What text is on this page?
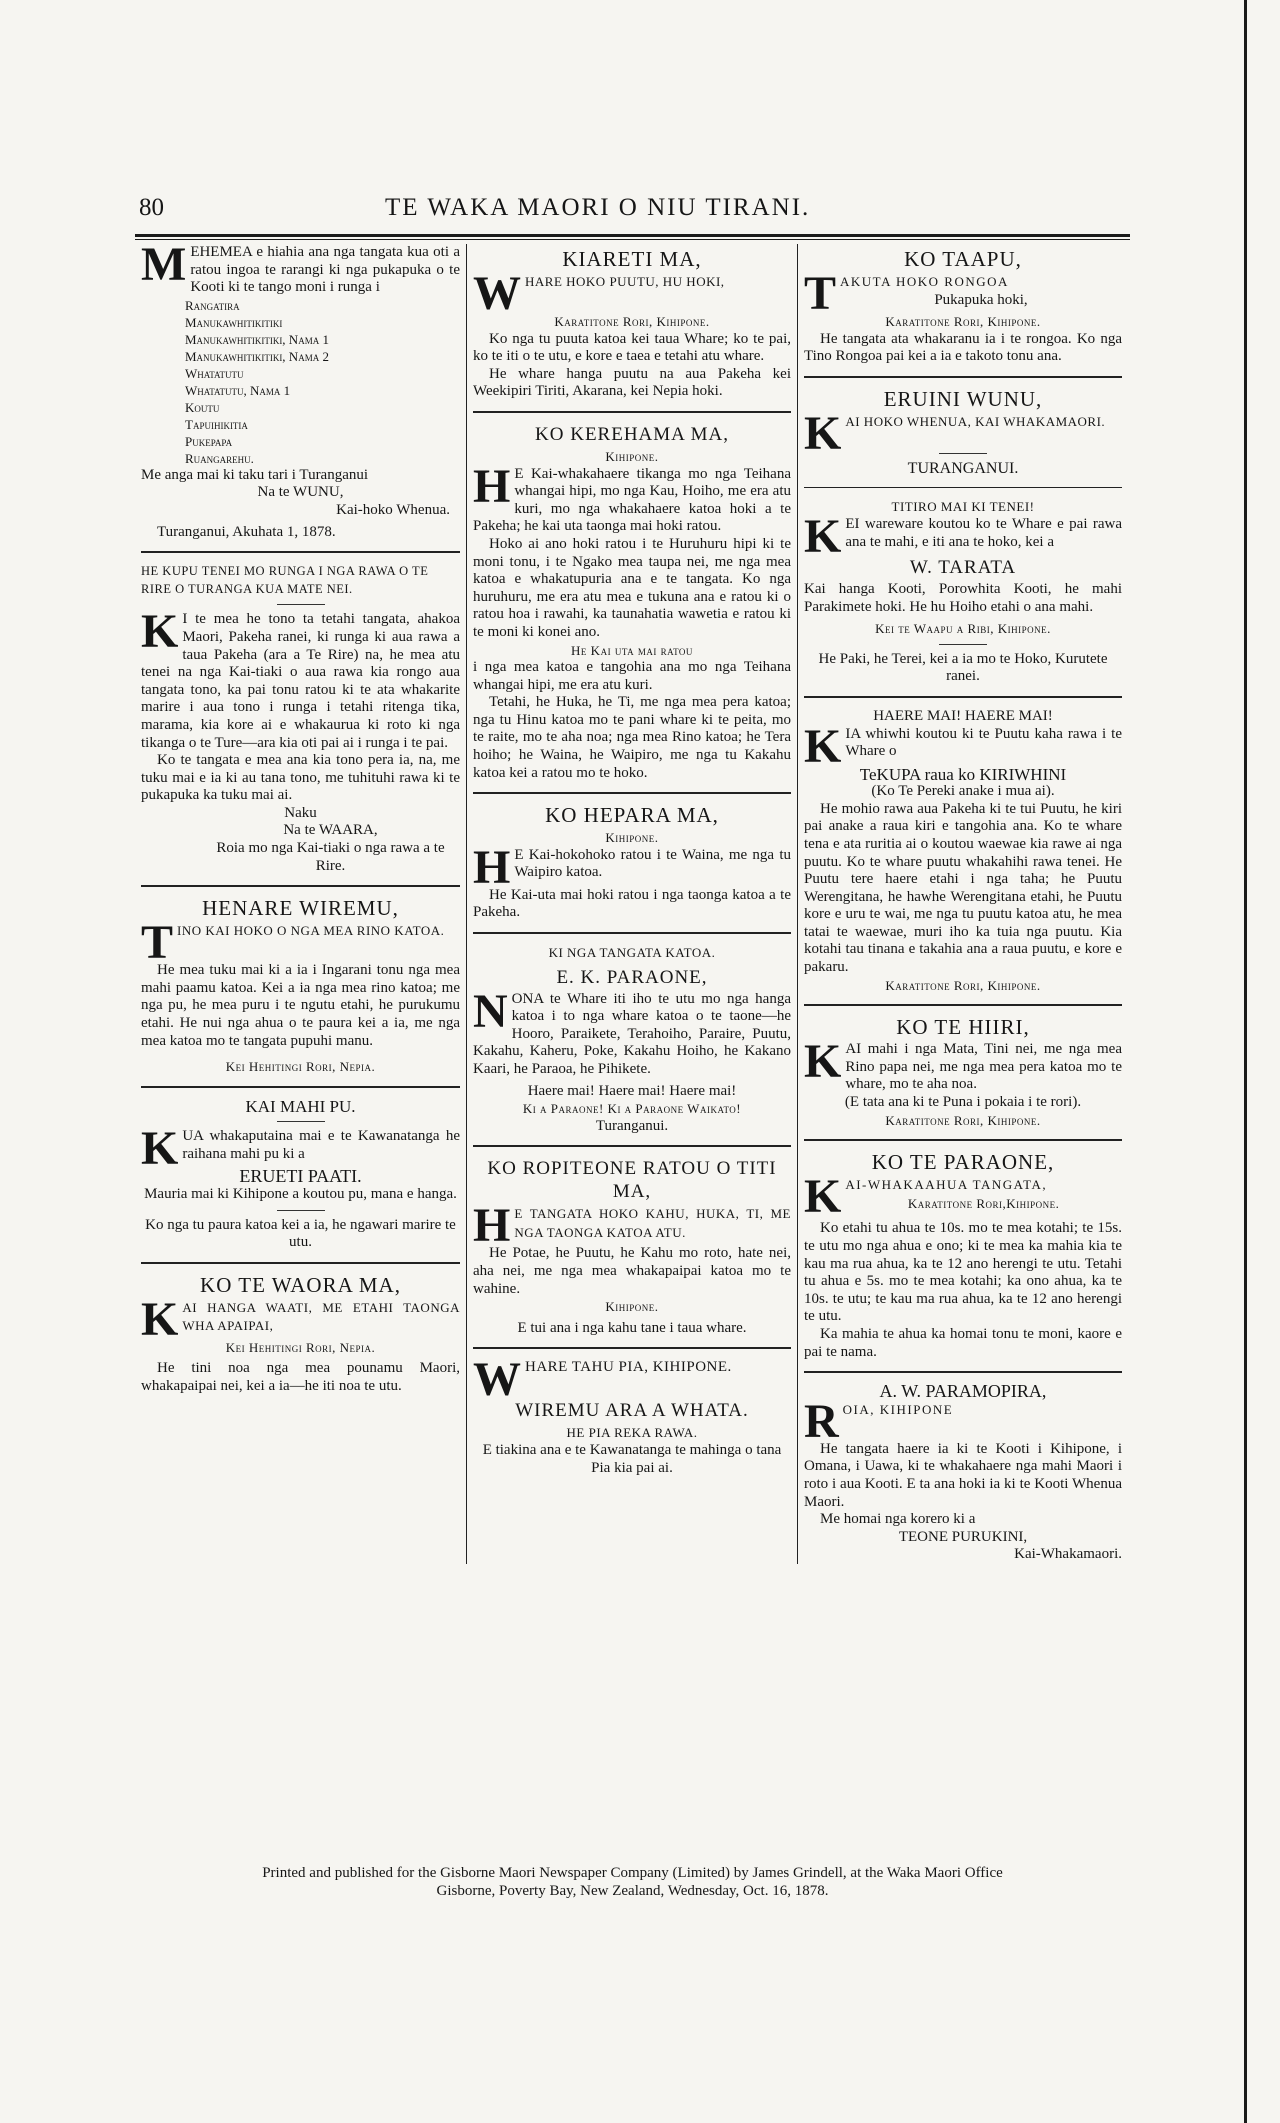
80	TE WAKA MAORI O NIU TIRANI.

MEHEMEA e hiahia ana nga tangata kua oti a ratou ingoa te rarangi ki nga pukapuka o te Kooti ki te tango moni i runga i

Rangatira
Manukawhitikitiki
Manukawhitikitiki, Nama 1
Manukawhitikitiki, Nama 2
Whatatutu
Whatatutu, Nama 1
Koutu
Tapuihikitia
Pukepapa
Ruangarehu.

Me anga mai ki taku tari i Turanganui

Na te WUNU,

Kai-hoko Whenua.

Turanganui, Akuhata 1, 1878.

HE KUPU TENEI MO RUNGA I NGA RAWA O TE RIRE O TURANGA KUA MATE NEI.

K I te mea he tono ta tetahi tangata, ahakoa Maori, Pakeha ranei, ki runga ki aua rawa a taua Pakeha (ara a Te Rire) na, he mea atu tenei na nga Kai-tiaki o aua rawa kia rongo aua tangata tono, ka pai tonu ratou ki te ata whakarite marire i aua tono i runga i tetahi ritenga tika, marama, kia kore ai e whakaurua ki roto ki nga tikanga o te Ture—ara kia oti pai ai i runga i te pai.

Ko te tangata e mea ana kia tono pera ia, na, me tuku mai e ia ki au tana tono, me tuhituhi rawa ki te pukapuka ka tuku mai ai.

Naku

Na te WAARA,

Roia mo nga Kai-tiaki o nga rawa a te Rire.

HENARE WIREMU,

TINO KAI HOKO O NGA MEA RINO KATOA.

He mea tuku mai ki a ia i Ingarani tonu nga mea mahi paamu katoa. Kei a ia nga mea rino katoa; me nga pu, he mea puru i te ngutu etahi, he purukumu etahi. He nui nga ahua o te paura kei a ia, me nga mea katoa mo te tangata pupuhi manu.

Kei Hehitingi Rori, Nepia.

KAI MAHI PU.

KUA whakaputaina mai e te Kawanatanga he raihana mahi pu ki a

ERUETI PAATI.

Mauria mai ki Kihipone a koutou pu, mana e hanga.

Ko nga tu paura katoa kei a ia, he ngawari marire te utu.

KO TE WAORA MA,

KAI HANGA WAATI, ME ETAHI TAONGA WHA APAIPAI,

Kei Hehitingi Rori, Nepia.

He tini noa nga mea pounamu Maori, whakapaipai nei, kei a ia—he iti noa te utu.

KIARETI MA,

WHARE HOKO PUUTU, HU HOKI,

Karatitone Rori, Kihipone.

Ko nga tu puuta katoa kei taua Whare; ko te pai, ko te iti o te utu, e kore e taea e tetahi atu whare.

He whare hanga puutu na aua Pakeha kei Weekipiri Tiriti, Akarana, kei Nepia hoki.

KO KEREHAMA MA,

Kihipone.

H E Kai-whakahaere tikanga mo nga Teihana whangai hipi, mo nga Kau, Hoiho, me era atu kuri, mo nga whakahaere katoa hoki a te Pakeha; he kai uta taonga mai hoki ratou.

Hoko ai ano hoki ratou i te Huruhuru hipi ki te moni tonu, i te Ngako mea taupa nei, me nga mea katoa e whakatupuria ana e te tangata. Ko nga huruhuru, me era atu mea e tukuna ana e ratou ki o ratou hoa i rawahi, ka taunahatia wawetia e ratou ki te moni ki konei ano.

He Kai uta mai ratou

i nga mea katoa e tangohia ana mo nga Teihana whangai hipi, me era atu kuri.

Tetahi, he Huka, he Ti, me nga mea pera katoa; nga tu Hinu katoa mo te pani whare ki te peita, mo te raite, mo te aha noa; nga mea Rino katoa; he Tera hoiho; he Waina, he Waipiro, me nga tu Kakahu katoa kei a ratou mo te hoko.

KO HEPARA MA,

Kihipone.

H E Kai-hokohoko ratou i te Waina, me nga tu Waipiro katoa.

He Kai-uta mai hoki ratou i nga taonga katoa a te Pakeha.

KI NGA TANGATA KATOA.

E. K. PARAONE,

NONA te Whare iti iho te utu mo nga hanga katoa i to nga whare katoa o te taone—he Hooro, Paraikete, Terahoiho, Paraire, Puutu, Kakahu, Kaheru, Poke, Kakahu Hoiho, he Kakano Kaari, he Paraoa, he Pihikete.

Haere mai! Haere mai! Haere mai!

Ki a Paraone! Ki a Paraone Waikato!

Turanganui.

KO ROPITEONE RATOU O TITI MA,

H E TANGATA HOKO KAHU, HUKA, TI, ME NGA TAONGA KATOA ATU.

He Potae, he Puutu, he Kahu mo roto, hate nei, aha nei, me nga mea whakapaipai katoa mo te wahine.

Kihipone.

E tui ana i nga kahu tane i taua whare.

WHARE TAHU PIA, KIHIPONE.

WIREMU ARA A WHATA.

HE PIA REKA RAWA.

E tiakina ana e te Kawanatanga te mahinga o tana Pia kia pai ai.

KO TAAPU,

TAKUTA HOKO RONGOA

Pukapuka hoki,

Karatitone Rori, Kihipone.

He tangata ata whakaranu ia i te rongoa. Ko nga Tino Rongoa pai kei a ia e takoto tonu ana.

ERUINI WUNU,

KAI HOKO WHENUA, KAI WHAKAMAORI.

TURANGANUI.

TITIRO MAI KI TENEI!

KEI wareware koutou ko te Whare e pai rawa ana te mahi, e iti ana te hoko, kei a

W. TARATA

Kai hanga Kooti, Porowhita Kooti, he mahi Parakimete hoki. He hu Hoiho etahi o ana mahi.

Kei te Waapu a Ribi, Kihipone.

He Paki, he Terei, kei a ia mo te Hoko, Kurutete ranei.

HAERE MAI! HAERE MAI!

KIA whiwhi koutou ki te Puutu kaha rawa i te Whare o

TeKUPA raua ko KIRIWHINI

(Ko Te Pereki anake i mua ai).

He mohio rawa aua Pakeha ki te tui Puutu, he kiri pai anake a raua kiri e tangohia ana. Ko te whare tena e ata ruritia ai o koutou waewae kia rawe ai nga puutu. Ko te whare puutu whakahihi rawa tenei. He Puutu tere haere etahi i nga taha; he Puutu Werengitana, he hawhe Werengitana etahi, he Puutu kore e uru te wai, me nga tu puutu katoa atu, he mea tatai te waewae, muri iho ka tuia nga puutu. Kia kotahi tau tinana e takahia ana a raua puutu, e kore e pakaru.

Karatitone Rori, Kihipone.

KO TE HIIRI,

KAI mahi i nga Mata, Tini nei, me nga mea Rino papa nei, me nga mea pera katoa mo te whare, mo te aha noa.

(E tata ana ki te Puna i pokaia i te rori).

Karatitone Rori, Kihipone.

KO TE PARAONE,

KAI-WHAKAAHUA TANGATA,

Karatitone Rori,Kihipone.

Ko etahi tu ahua te 10s. mo te mea kotahi; te 15s. te utu mo nga ahua e ono; ki te mea ka mahia kia te kau ma rua ahua, ka te 12 ano herengi te utu. Tetahi tu ahua e 5s. mo te mea kotahi; ka ono ahua, ka te 10s. te utu; te kau ma rua ahua, ka te 12 ano herengi te utu.

Ka mahia te ahua ka homai tonu te moni, kaore e pai te nama.

A. W. PARAMOPIRA,

ROIA, KIHIPONE

He tangata haere ia ki te Kooti i Kihipone, i Omana, i Uawa, ki te whakahaere nga mahi Maori i roto i aua Kooti. E ta ana hoki ia ki te Kooti Whenua Maori.

Me homai nga korero ki a

TEONE PURUKINI,

Kai-Whakamaori.

Printed and published for the Gisborne Maori Newspaper Company (Limited) by James Grindell, at the Waka Maori Office
Gisborne, Poverty Bay, New Zealand, Wednesday, Oct. 16, 1878.
